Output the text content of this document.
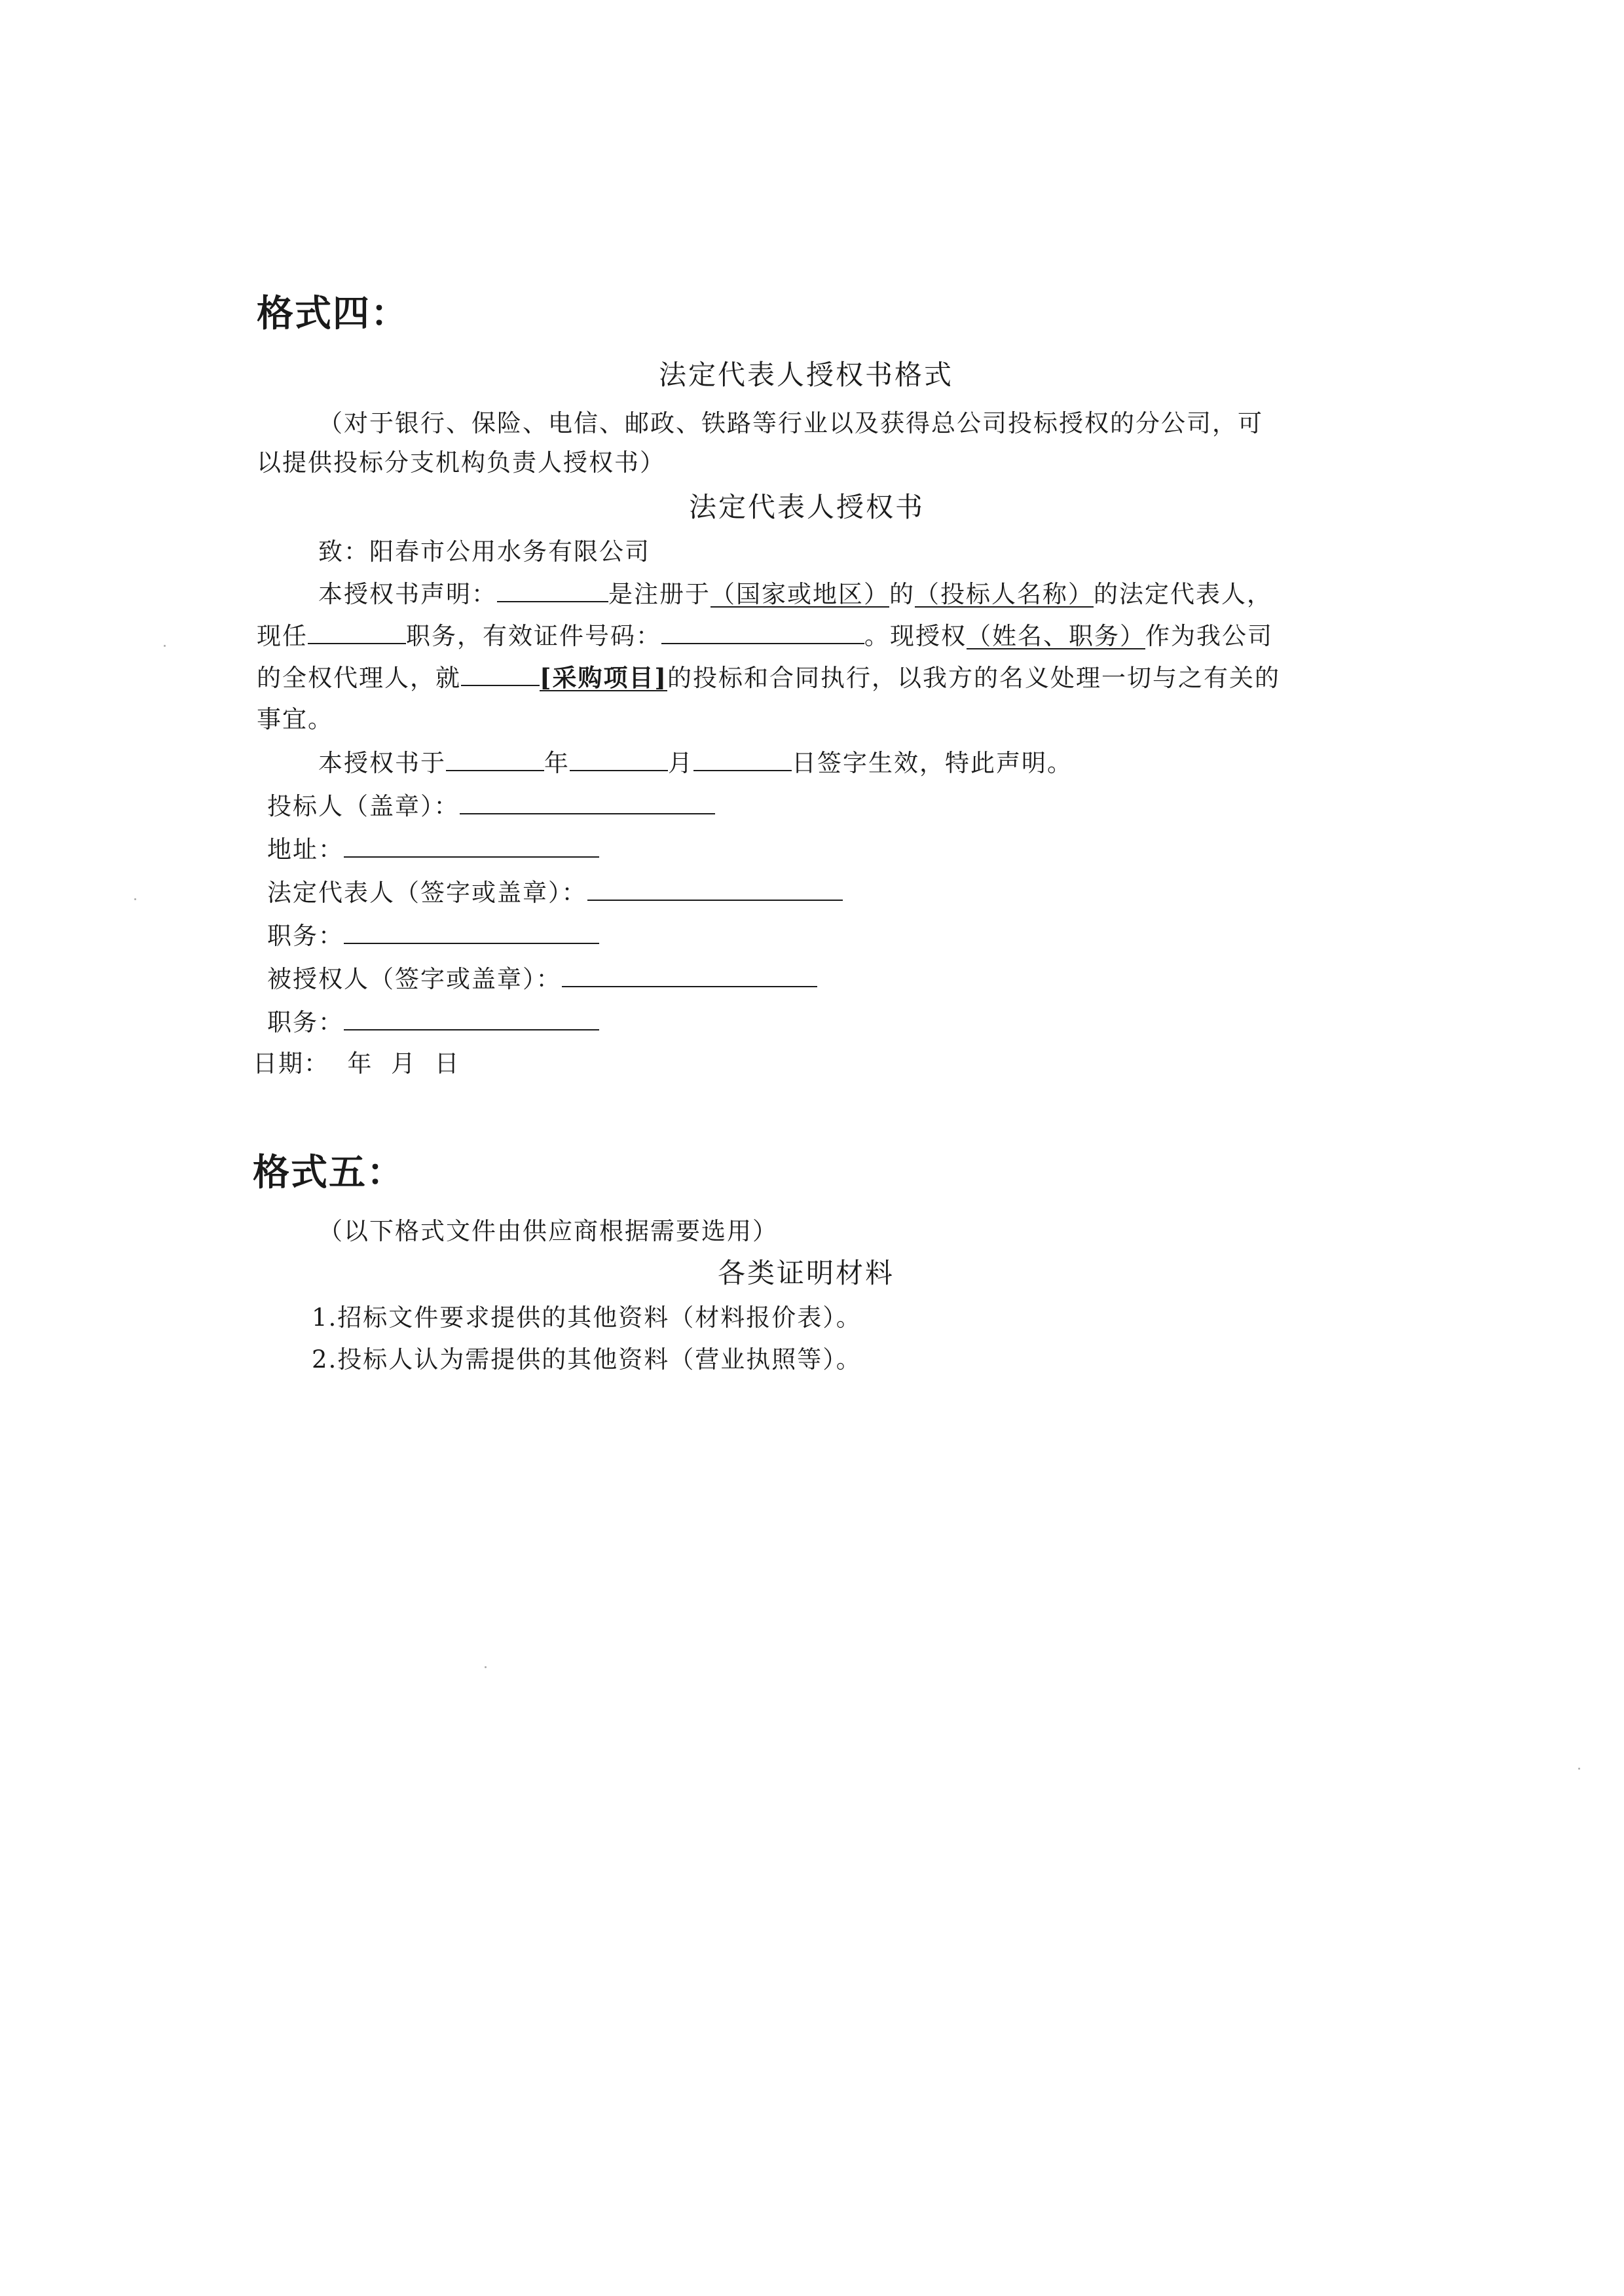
格式四：
法定代表人授权书格式
（对于银行、保险、电信、邮政、铁路等行业以及获得总公司投标授权的分公司，可
以提供投标分支机构负责人授权书）
法定代表人授权书
致：阳春市公用水务有限公司
本授权书声明：	是注册于（国家或地区）的（投标人名称）的法定代表人，
现任	职务，有效证件号码：	。现授权（姓名、职务）作为我公司
的全权代理人，就	[采购项目]的投标和合同执行，以我方的名义处理一切与之有关的
事宜。
本授权书于	年	月	日签字生效，特此声明。
投标人（盖章）：
地址：
法定代表人（签字或盖章）：
职务：
被授权人（签字或盖章）：
职务：
日期：  年  月  日
格式五：
（以下格式文件由供应商根据需要选用）
各类证明材料
1.招标文件要求提供的其他资料（材料报价表）。
2.投标人认为需提供的其他资料（营业执照等）。
